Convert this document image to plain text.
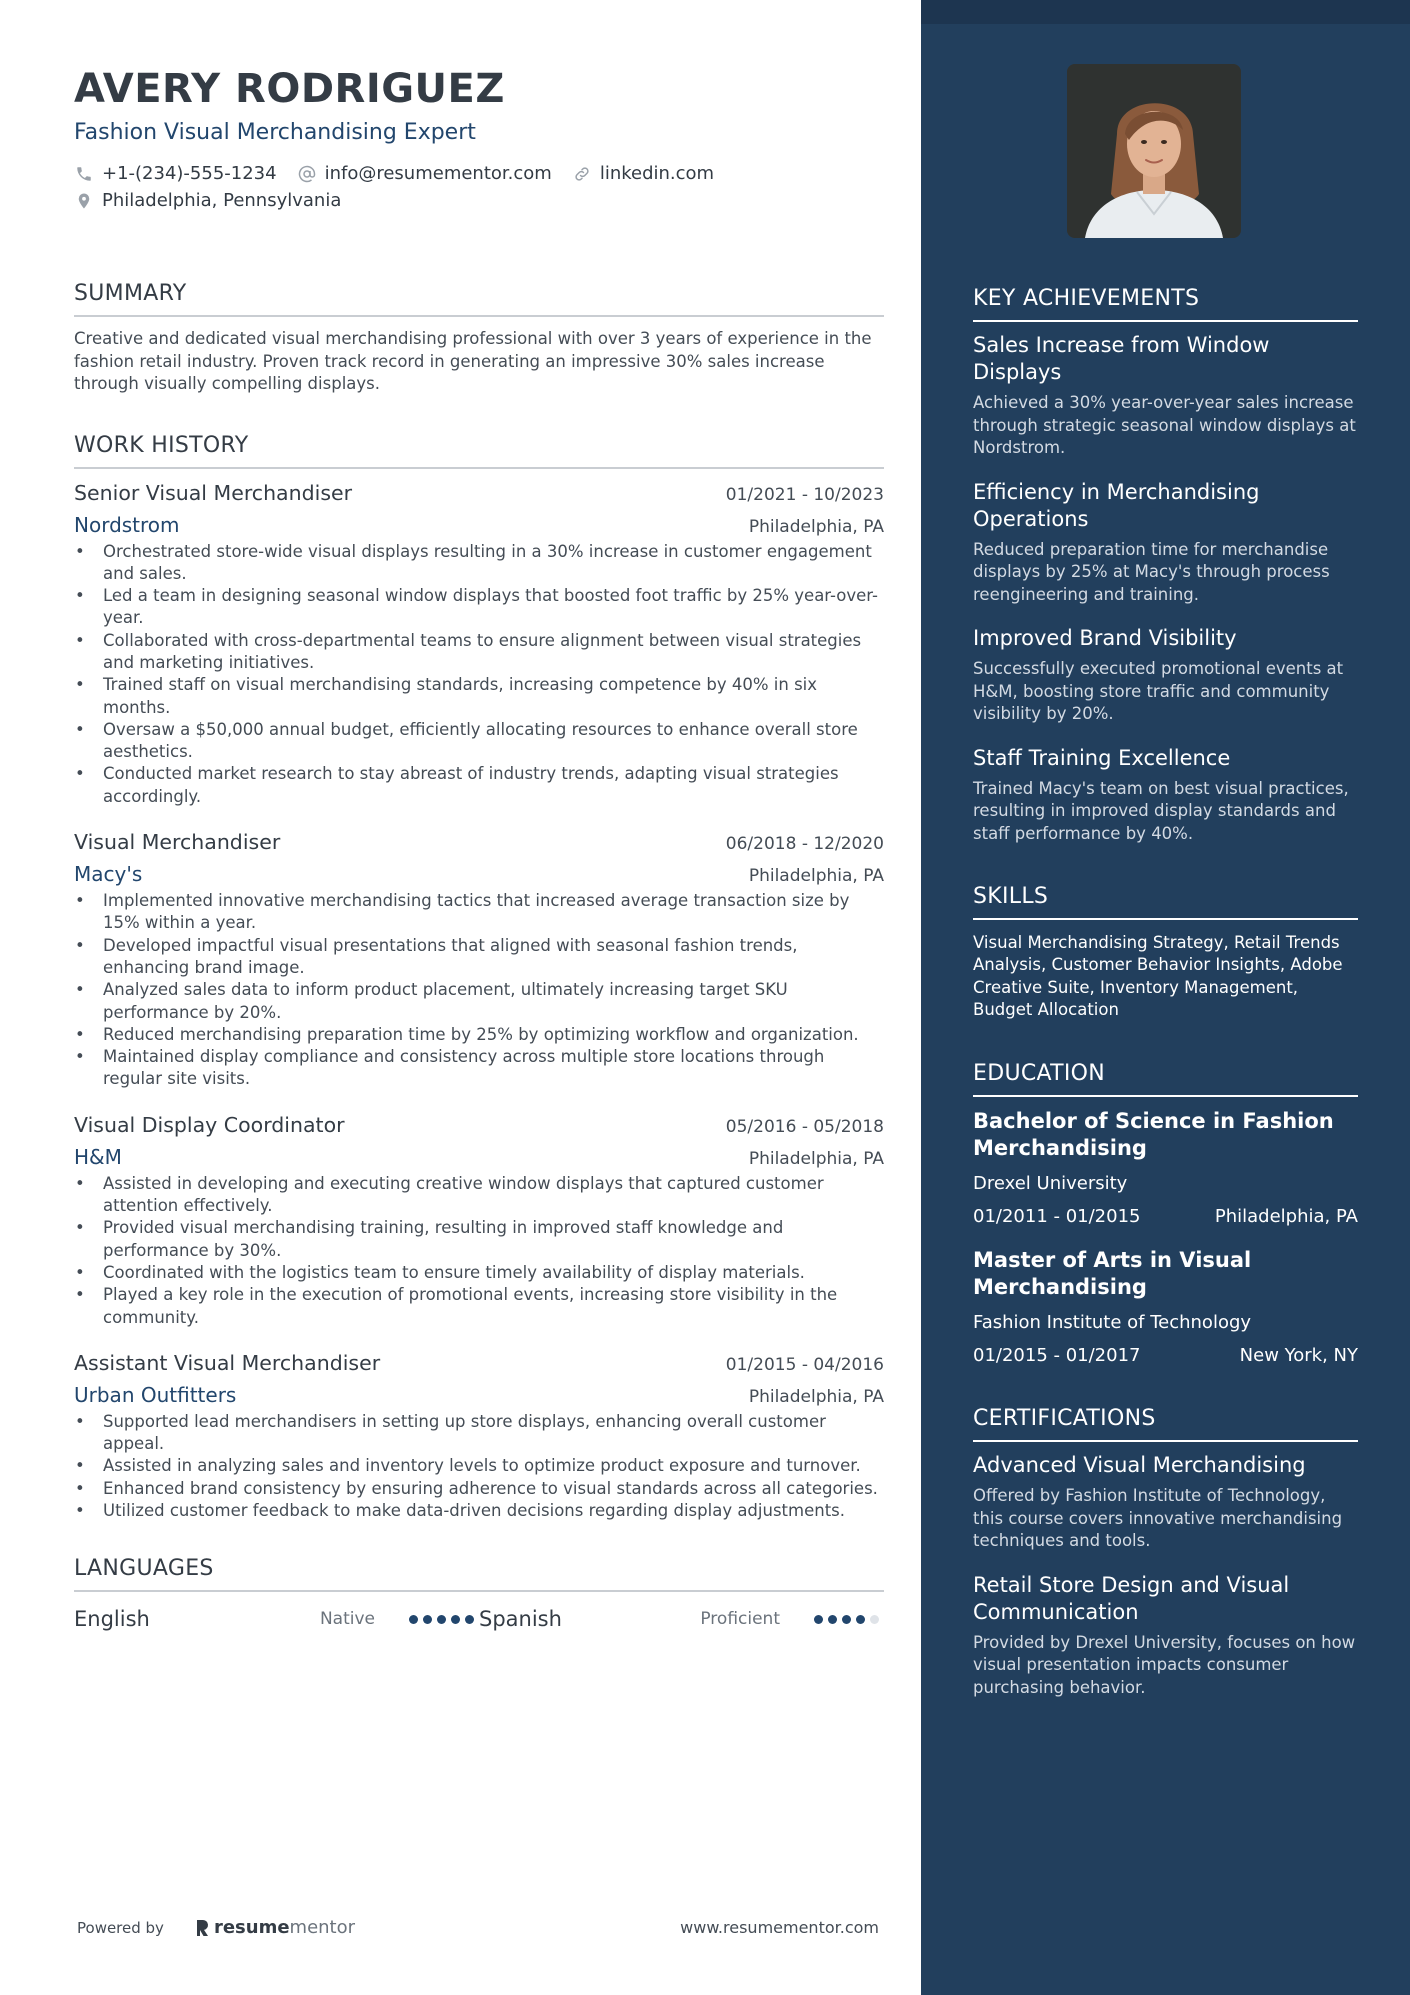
AVERY RODRIGUEZ
Fashion Visual Merchandising Expert
+1-(234)-555-1234	info@resumementor.com	linkedin.com
Philadelphia, Pennsylvania
SUMMARY
Creative and dedicated visual merchandising professional with over 3 years of experience in the fashion retail industry. Proven track record in generating an impressive 30% sales increase through visually compelling displays.
WORK HISTORY
Senior Visual Merchandiser	01/2021 - 10/2023
Nordstrom	Philadelphia, PA
• Orchestrated store-wide visual displays resulting in a 30% increase in customer engagement and sales.
• Led a team in designing seasonal window displays that boosted foot traffic by 25% year-over-year.
• Collaborated with cross-departmental teams to ensure alignment between visual strategies and marketing initiatives.
• Trained staff on visual merchandising standards, increasing competence by 40% in six months.
• Oversaw a $50,000 annual budget, efficiently allocating resources to enhance overall store aesthetics.
• Conducted market research to stay abreast of industry trends, adapting visual strategies accordingly.
Visual Merchandiser	06/2018 - 12/2020
Macy's	Philadelphia, PA
• Implemented innovative merchandising tactics that increased average transaction size by 15% within a year.
• Developed impactful visual presentations that aligned with seasonal fashion trends, enhancing brand image.
• Analyzed sales data to inform product placement, ultimately increasing target SKU performance by 20%.
• Reduced merchandising preparation time by 25% by optimizing workflow and organization.
• Maintained display compliance and consistency across multiple store locations through regular site visits.
Visual Display Coordinator	05/2016 - 05/2018
H&M	Philadelphia, PA
• Assisted in developing and executing creative window displays that captured customer attention effectively.
• Provided visual merchandising training, resulting in improved staff knowledge and performance by 30%.
• Coordinated with the logistics team to ensure timely availability of display materials.
• Played a key role in the execution of promotional events, increasing store visibility in the community.
Assistant Visual Merchandiser	01/2015 - 04/2016
Urban Outfitters	Philadelphia, PA
• Supported lead merchandisers in setting up store displays, enhancing overall customer appeal.
• Assisted in analyzing sales and inventory levels to optimize product exposure and turnover.
• Enhanced brand consistency by ensuring adherence to visual standards across all categories.
• Utilized customer feedback to make data-driven decisions regarding display adjustments.
LANGUAGES
English	Native	Spanish	Proficient
Powered by	resume mentor	www.resumementor.com
KEY ACHIEVEMENTS
Sales Increase from Window Displays
Achieved a 30% year-over-year sales increase through strategic seasonal window displays at Nordstrom.
Efficiency in Merchandising Operations
Reduced preparation time for merchandise displays by 25% at Macy's through process reengineering and training.
Improved Brand Visibility
Successfully executed promotional events at H&M, boosting store traffic and community visibility by 20%.
Staff Training Excellence
Trained Macy's team on best visual practices, resulting in improved display standards and staff performance by 40%.
SKILLS
Visual Merchandising Strategy, Retail Trends Analysis, Customer Behavior Insights, Adobe Creative Suite, Inventory Management, Budget Allocation
EDUCATION
Bachelor of Science in Fashion Merchandising
Drexel University
01/2011 - 01/2015	Philadelphia, PA
Master of Arts in Visual Merchandising
Fashion Institute of Technology
01/2015 - 01/2017	New York, NY
CERTIFICATIONS
Advanced Visual Merchandising
Offered by Fashion Institute of Technology, this course covers innovative merchandising techniques and tools.
Retail Store Design and Visual Communication
Provided by Drexel University, focuses on how visual presentation impacts consumer purchasing behavior.
